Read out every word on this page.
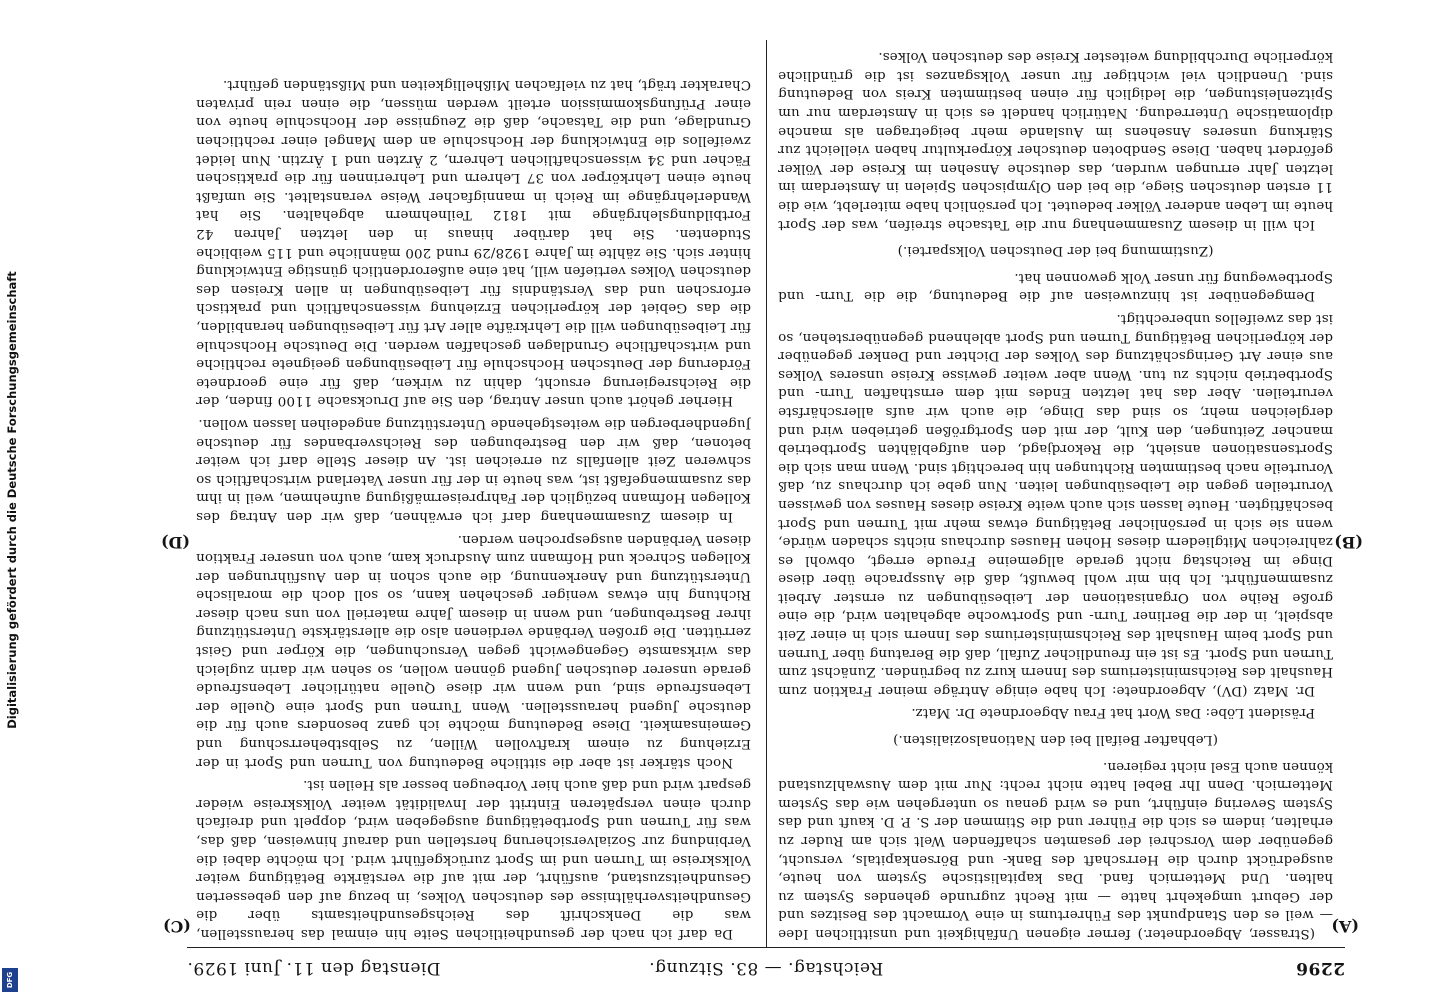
2296
Reichstag. — 83. Sitzung.
Dienstag den 11. Juni 1929.
(A)
(B)
(C)
(D)

(Strasser, Abgeordneter.) ferner eigenen Unfähigkeit und unsittlichen Idee — weil es den Standpunkt des Führertums in eine Vormacht des Besitzes und der Geburt umgekehrt hatte — mit Recht zugrunde gehendes System zu halten. Und Metternich fand. Das kapitalistische System von heute, ausgedrückt durch die Herrschaft des Bank- und Börsenkapitals, versucht, gegenüber dem Vorschrei der gesamten schaffenden Welt sich am Ruder zu erhalten, indem es sich die Führer und die Stimmen der S. P. D. kauft und das System Severing einführt, und es wird genau so untergehen wie das System Metternich. Denn Ihr Bebel hatte nicht recht: Nur mit dem Auswahlzustand können auch Esel nicht regieren.

(Lebhafter Beifall bei den Nationalsozialisten.)

Präsident Löbe: Das Wort hat Frau Abgeordnete Dr. Matz.

Dr. Matz (DV), Abgeordnete: Ich habe einige Anträge meiner Fraktion zum Haushalt des Reichsministeriums des Innern kurz zu begründen. Zunächst zum Turnen und Sport. Es ist ein freundlicher Zufall, daß die Beratung über Turnen und Sport beim Haushalt des Reichsministeriums des Innern sich in einer Zeit abspielt, in der die Berliner Turn- und Sportwoche abgehalten wird, die eine große Reihe von Organisationen der Leibesübungen zu ernster Arbeit zusammenführt. Ich bin mir wohl bewußt, daß die Aussprache über diese Dinge im Reichstag nicht gerade allgemeine Freude erregt, obwohl es zahlreichen Mitgliedern dieses Hohen Hauses durchaus nichts schaden würde, wenn sie sich in persönlicher Betätigung etwas mehr mit Turnen und Sport beschäftigten. Heute lassen sich auch weite Kreise dieses Hauses von gewissen Vorurteilen gegen die Leibesübungen leiten. Nun gebe ich durchaus zu, daß Vorurteile nach bestimmten Richtungen hin berechtigt sind. Wenn man sich die Sportsensationen ansieht, die Rekordjagd, den aufgeblähten Sportbetrieb mancher Zeitungen, den Kult, der mit den Sportgrößen getrieben wird und dergleichen mehr, so sind das Dinge, die auch wir aufs allerschärfste verurteilen. Aber das hat letzten Endes mit dem ernsthaften Turn- und Sportbetrieb nichts zu tun. Wenn aber weiter gewisse Kreise unseres Volkes aus einer Art Geringschätzung des Volkes der Dichter und Denker gegenüber der körperlichen Betätigung Turnen und Sport ablehnend gegenüberstehen, so ist das zweifellos unberechtigt.

Demgegenüber ist hinzuweisen auf die Bedeutung, die die Turn- und Sportbewegung für unser Volk gewonnen hat.

(Zustimmung bei der Deutschen Volkspartei.)

Ich will in diesem Zusammenhang nur die Tatsache streifen, was der Sport heute im Leben anderer Völker bedeutet. Ich persönlich habe miterlebt, wie die 11 ersten deutschen Siege, die bei den Olympischen Spielen in Amsterdam im letzten Jahr errungen wurden, das deutsche Ansehen im Kreise der Völker gefördert haben. Diese Sendboten deutscher Körperkultur haben vielleicht zur Stärkung unseres Ansehens im Auslande mehr beigetragen als manche diplomatische Unterredung. Natürlich handelt es sich in Amsterdam nur um Spitzenleistungen, die lediglich für einen bestimmten Kreis von Bedeutung sind. Unendlich viel wichtiger für unser Volksganzes ist die gründliche körperliche Durchbildung weitester Kreise des deutschen Volkes.

Da darf ich nach der gesundheitlichen Seite hin einmal das herausstellen, was die Denkschrift des Reichsgesundheitsamts über die Gesundheitsverhältnisse des deutschen Volkes, in bezug auf den gebesserten Gesundheitszustand, ausführt, der mit auf die verstärkte Betätigung weiter Volkskreise im Turnen und im Sport zurückgeführt wird. Ich möchte dabei die Verbindung zur Sozialversicherung herstellen und darauf hinweisen, daß das, was für Turnen und Sportbetätigung ausgegeben wird, doppelt und dreifach durch einen verspäteren Eintritt der Invalidität weiter Volkskreise wieder gespart wird und daß auch hier Vorbeugen besser als Heilen ist.

Noch stärker ist aber die sittliche Bedeutung von Turnen und Sport in der Erziehung zu einem kraftvollen Willen, zu Selbstbeherrschung und Gemeinsamkeit. Diese Bedeutung möchte ich ganz besonders auch für die deutsche Jugend herausstellen. Wenn Turnen und Sport eine Quelle der Lebensfreude sind, und wenn wir diese Quelle natürlicher Lebensfreude gerade unserer deutschen Jugend gönnen wollen, so sehen wir darin zugleich das wirksamste Gegengewicht gegen Versuchungen, die Körper und Geist zerrütten. Die großen Verbände verdienen also die allerstärkste Unterstützung ihrer Bestrebungen, und wenn in diesem Jahre materiell von uns nach dieser Richtung hin etwas weniger geschehen kann, so soll doch die moralische Unterstützung und Anerkennung, die auch schon in den Ausführungen der Kollegen Schreck und Hofmann zum Ausdruck kam, auch von unserer Fraktion diesen Verbänden ausgesprochen werden.

In diesem Zusammenhang darf ich erwähnen, daß wir den Antrag des Kollegen Hofmann bezüglich der Fahrpreisermäßigung aufnehmen, weil in ihm das zusammengefaßt ist, was heute in der für unser Vaterland wirtschaftlich so schweren Zeit allenfalls zu erreichen ist. An dieser Stelle darf ich weiter betonen, daß wir den Bestrebungen des Reichsverbandes für deutsche Jugendherbergen die weitestgehende Unterstützung angedeihen lassen wollen.

Hierher gehört auch unser Antrag, den Sie auf Drucksache 1100 finden, der die Reichsregierung ersucht, dahin zu wirken, daß für eine geordnete Förderung der Deutschen Hochschule für Leibesübungen geeignete rechtliche und wirtschaftliche Grundlagen geschaffen werden. Die Deutsche Hochschule für Leibesübungen will die Lehrkräfte aller Art für Leibesübungen heranbilden, die das Gebiet der körperlichen Erziehung wissenschaftlich und praktisch erforschen und das Verständnis für Leibesübungen in allen Kreisen des deutschen Volkes vertiefen will, hat eine außerordentlich günstige Entwicklung hinter sich. Sie zählte im Jahre 1928/29 rund 200 männliche und 115 weibliche Studenten. Sie hat darüber hinaus in den letzten Jahren 42 Fortbildungslehrgänge mit 1812 Teilnehmern abgehalten. Sie hat Wanderlehrgänge im Reich in mannigfacher Weise veranstaltet. Sie umfaßt heute einen Lehrkörper von 37 Lehrern und Lehrerinnen für die praktischen Fächer und 34 wissenschaftlichen Lehrern, 2 Ärzten und 1 Ärztin. Nun leidet zweifellos die Entwicklung der Hochschule an dem Mangel einer rechtlichen Grundlage, und die Tatsache, daß die Zeugnisse der Hochschule heute von einer Prüfungskommission erteilt werden müssen, die einen rein privaten Charakter trägt, hat zu vielfachen Mißhelligkeiten und Mißständen geführt.

Digitalisierung gefördert durch die Deutsche Forschungsgemeinschaft
DFG
